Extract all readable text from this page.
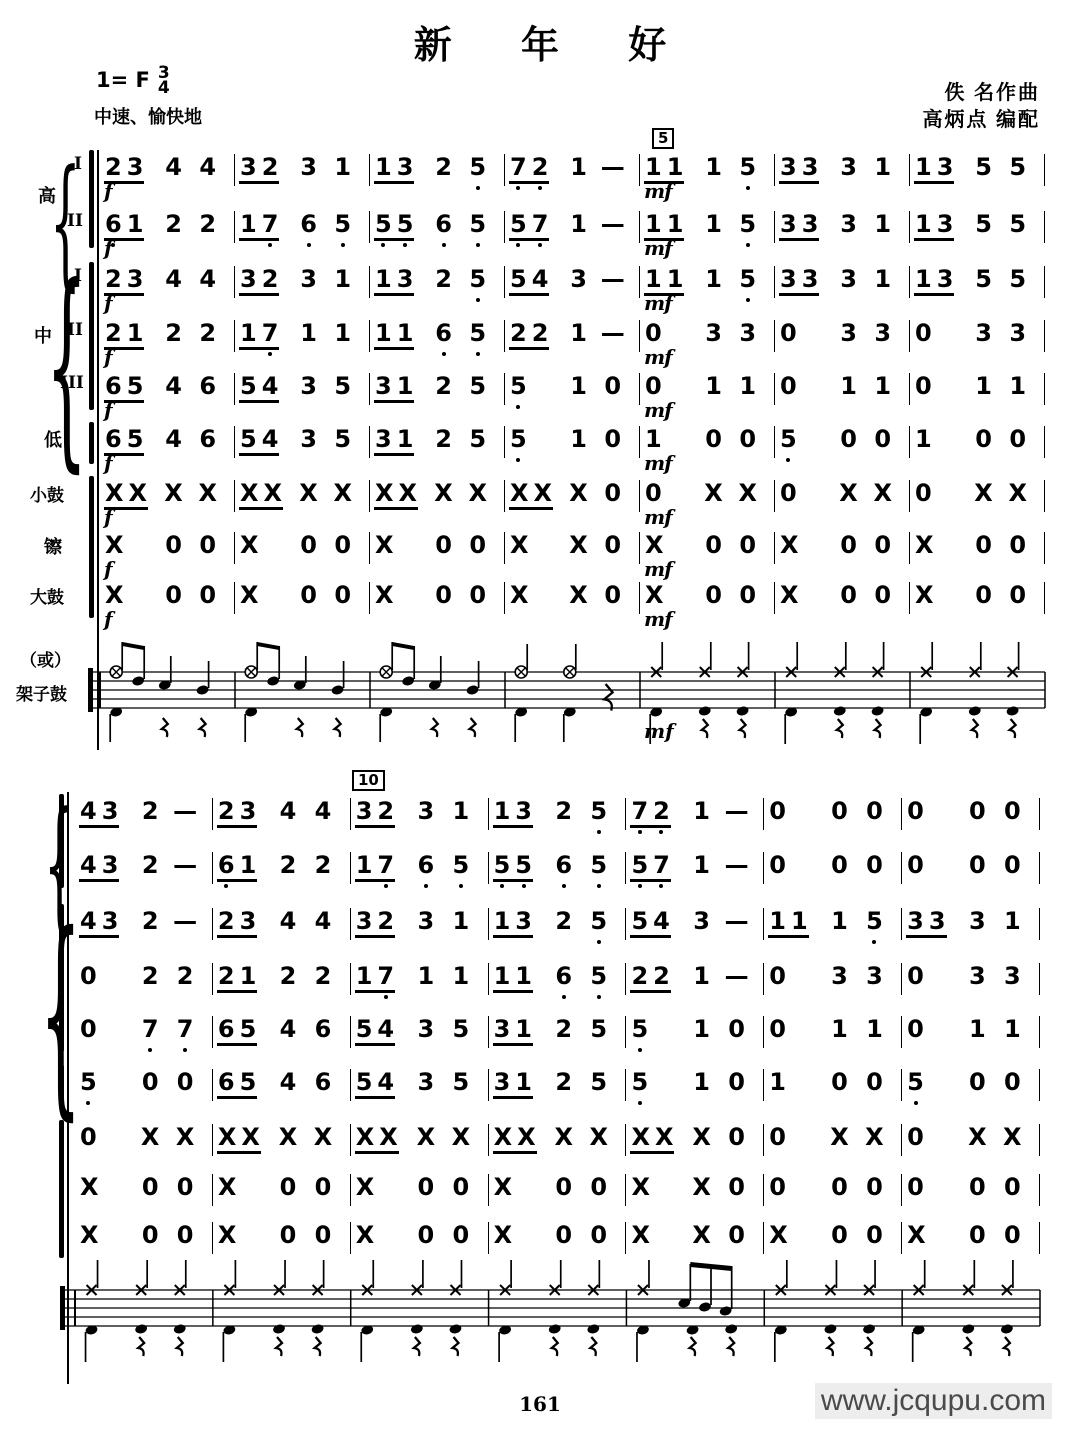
新 年 好
1= F 3
4
中速、愉快地
佚 名作曲
高炳点 编配
5
10
{
{
{
{
高
I
II
中
I
II
III
低
小鼓
镲
大鼓
（或）
架子鼓
2 3 4 4
f
3 2 3 1 1 3 2 5 7 2 1 — 1 1 1 5
mf
3 3 3 1 1 3 5 5
6 1 2 2
f
1 7 6 5 5 5 6 5 5 7 1 — 1 1 1 5
mf
3 3 3 1 1 3 5 5
2 3 4 4
f
3 2 3 1 1 3 2 5 5 4 3 — 1 1 1 5
mf
3 3 3 1 1 3 5 5
2 1 2 2
f
1 7 1 1 1 1 6 5 2 2 1 — 0 3 3
mf
0 3 3 0 3 3
6 5 4 6
f
5 4 3 5 3 1 2 5 5 1 0 0 1 1
mf
0 1 1 0 1 1
6 5 4 6
f
5 4 3 5 3 1 2 5 5 1 0 1 0 0
mf
5 0 0 1 0 0
X X X X
f
X X X X X X X X X X X 0 0 X X
mf
0 X X 0 X X
X 0 0
f
X 0 0 X 0 0 X X 0 X 0 0
mf
X 0 0 X 0 0
X 0 0
f
X 0 0 X 0 0 X X 0 X 0 0
mf
X 0 0 X 0 0
4 3 2 — 2 3 4 4 3 2 3 1 1 3 2 5 7 2 1 — 0 0 0 0 0 0
4 3 2 — 6 1 2 2 1 7 6 5 5 5 6 5 5 7 1 — 0 0 0 0 0 0
4 3 2 — 2 3 4 4 3 2 3 1 1 3 2 5 5 4 3 — 1 1 1 5 3 3 3 1
0 2 2 2 1 2 2 1 7 1 1 1 1 6 5 2 2 1 — 0 3 3 0 3 3
0 7 7 6 5 4 6 5 4 3 5 3 1 2 5 5 1 0 0 1 1 0 1 1
5 0 0 6 5 4 6 5 4 3 5 3 1 2 5 5 1 0 1 0 0 5 0 0
0 X X X X X X X X X X X X X X X X X 0 0 X X 0 X X
X 0 0 X 0 0 X 0 0 X 0 0 X X 0 0 0 0 0 0 0
X 0 0 X 0 0 X 0 0 X 0 0 X X 0 X 0 0 X 0 0
mf
161	www.jcqupu.com
